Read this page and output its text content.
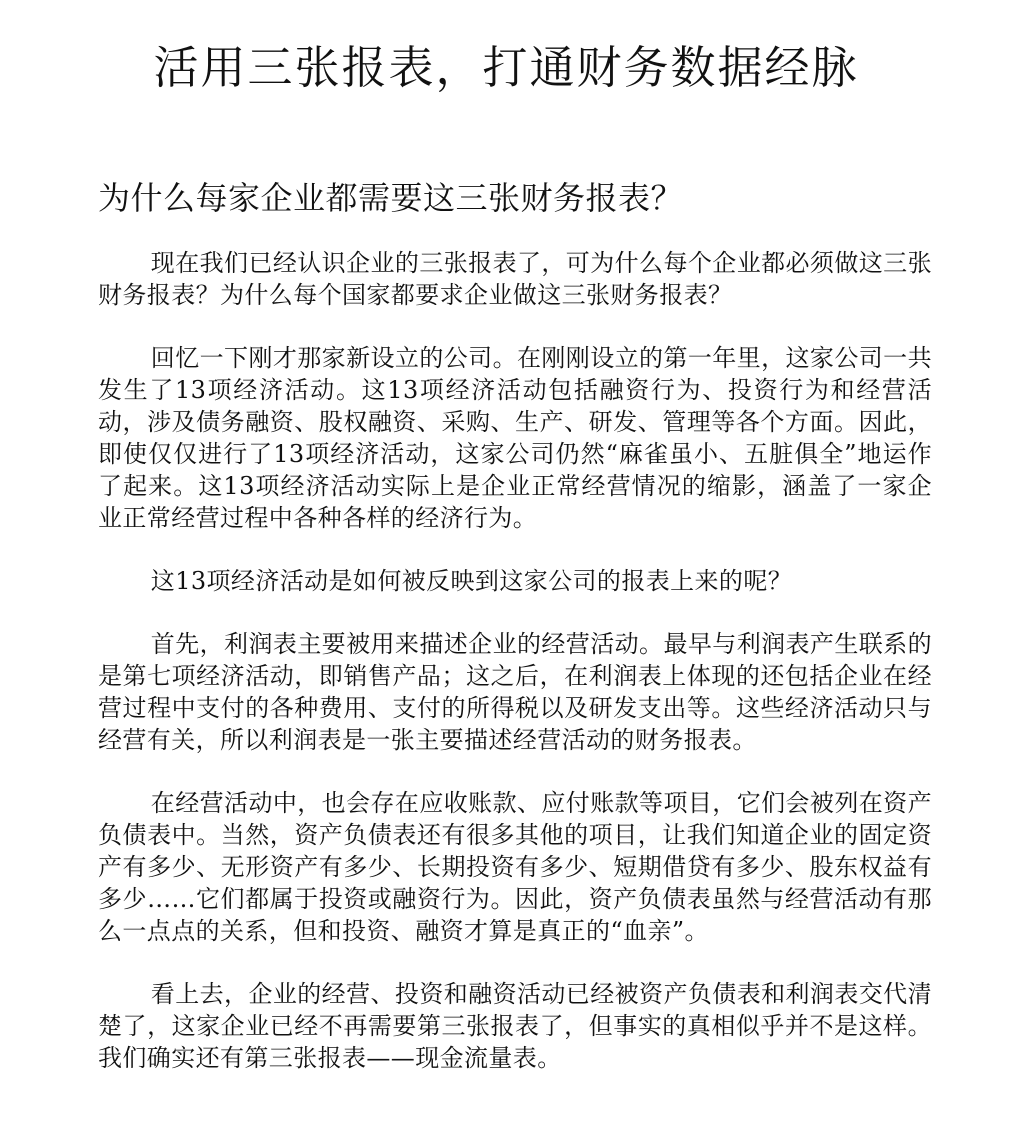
活用三张报表，打通财务数据经脉
为什么每家企业都需要这三张财务报表？

现在我们已经认识企业的三张报表了，可为什么每个企业都必须做这三张财务报表？为什么每个国家都要求企业做这三张财务报表？

回忆一下刚才那家新设立的公司。在刚刚设立的第一年里，这家公司一共发生了13项经济活动。这13项经济活动包括融资行为、投资行为和经营活动，涉及债务融资、股权融资、采购、生产、研发、管理等各个方面。因此，即使仅仅进行了13项经济活动，这家公司仍然“麻雀虽小、五脏俱全”地运作了起来。这13项经济活动实际上是企业正常经营情况的缩影，涵盖了一家企业正常经营过程中各种各样的经济行为。

这13项经济活动是如何被反映到这家公司的报表上来的呢？

首先，利润表主要被用来描述企业的经营活动。最早与利润表产生联系的是第七项经济活动，即销售产品；这之后，在利润表上体现的还包括企业在经营过程中支付的各种费用、支付的所得税以及研发支出等。这些经济活动只与经营有关，所以利润表是一张主要描述经营活动的财务报表。

在经营活动中，也会存在应收账款、应付账款等项目，它们会被列在资产负债表中。当然，资产负债表还有很多其他的项目，让我们知道企业的固定资产有多少、无形资产有多少、长期投资有多少、短期借贷有多少、股东权益有多少……它们都属于投资或融资行为。因此，资产负债表虽然与经营活动有那么一点点的关系，但和投资、融资才算是真正的“血亲”。

看上去，企业的经营、投资和融资活动已经被资产负债表和利润表交代清楚了，这家企业已经不再需要第三张报表了，但事实的真相似乎并不是这样。我们确实还有第三张报表——现金流量表。
